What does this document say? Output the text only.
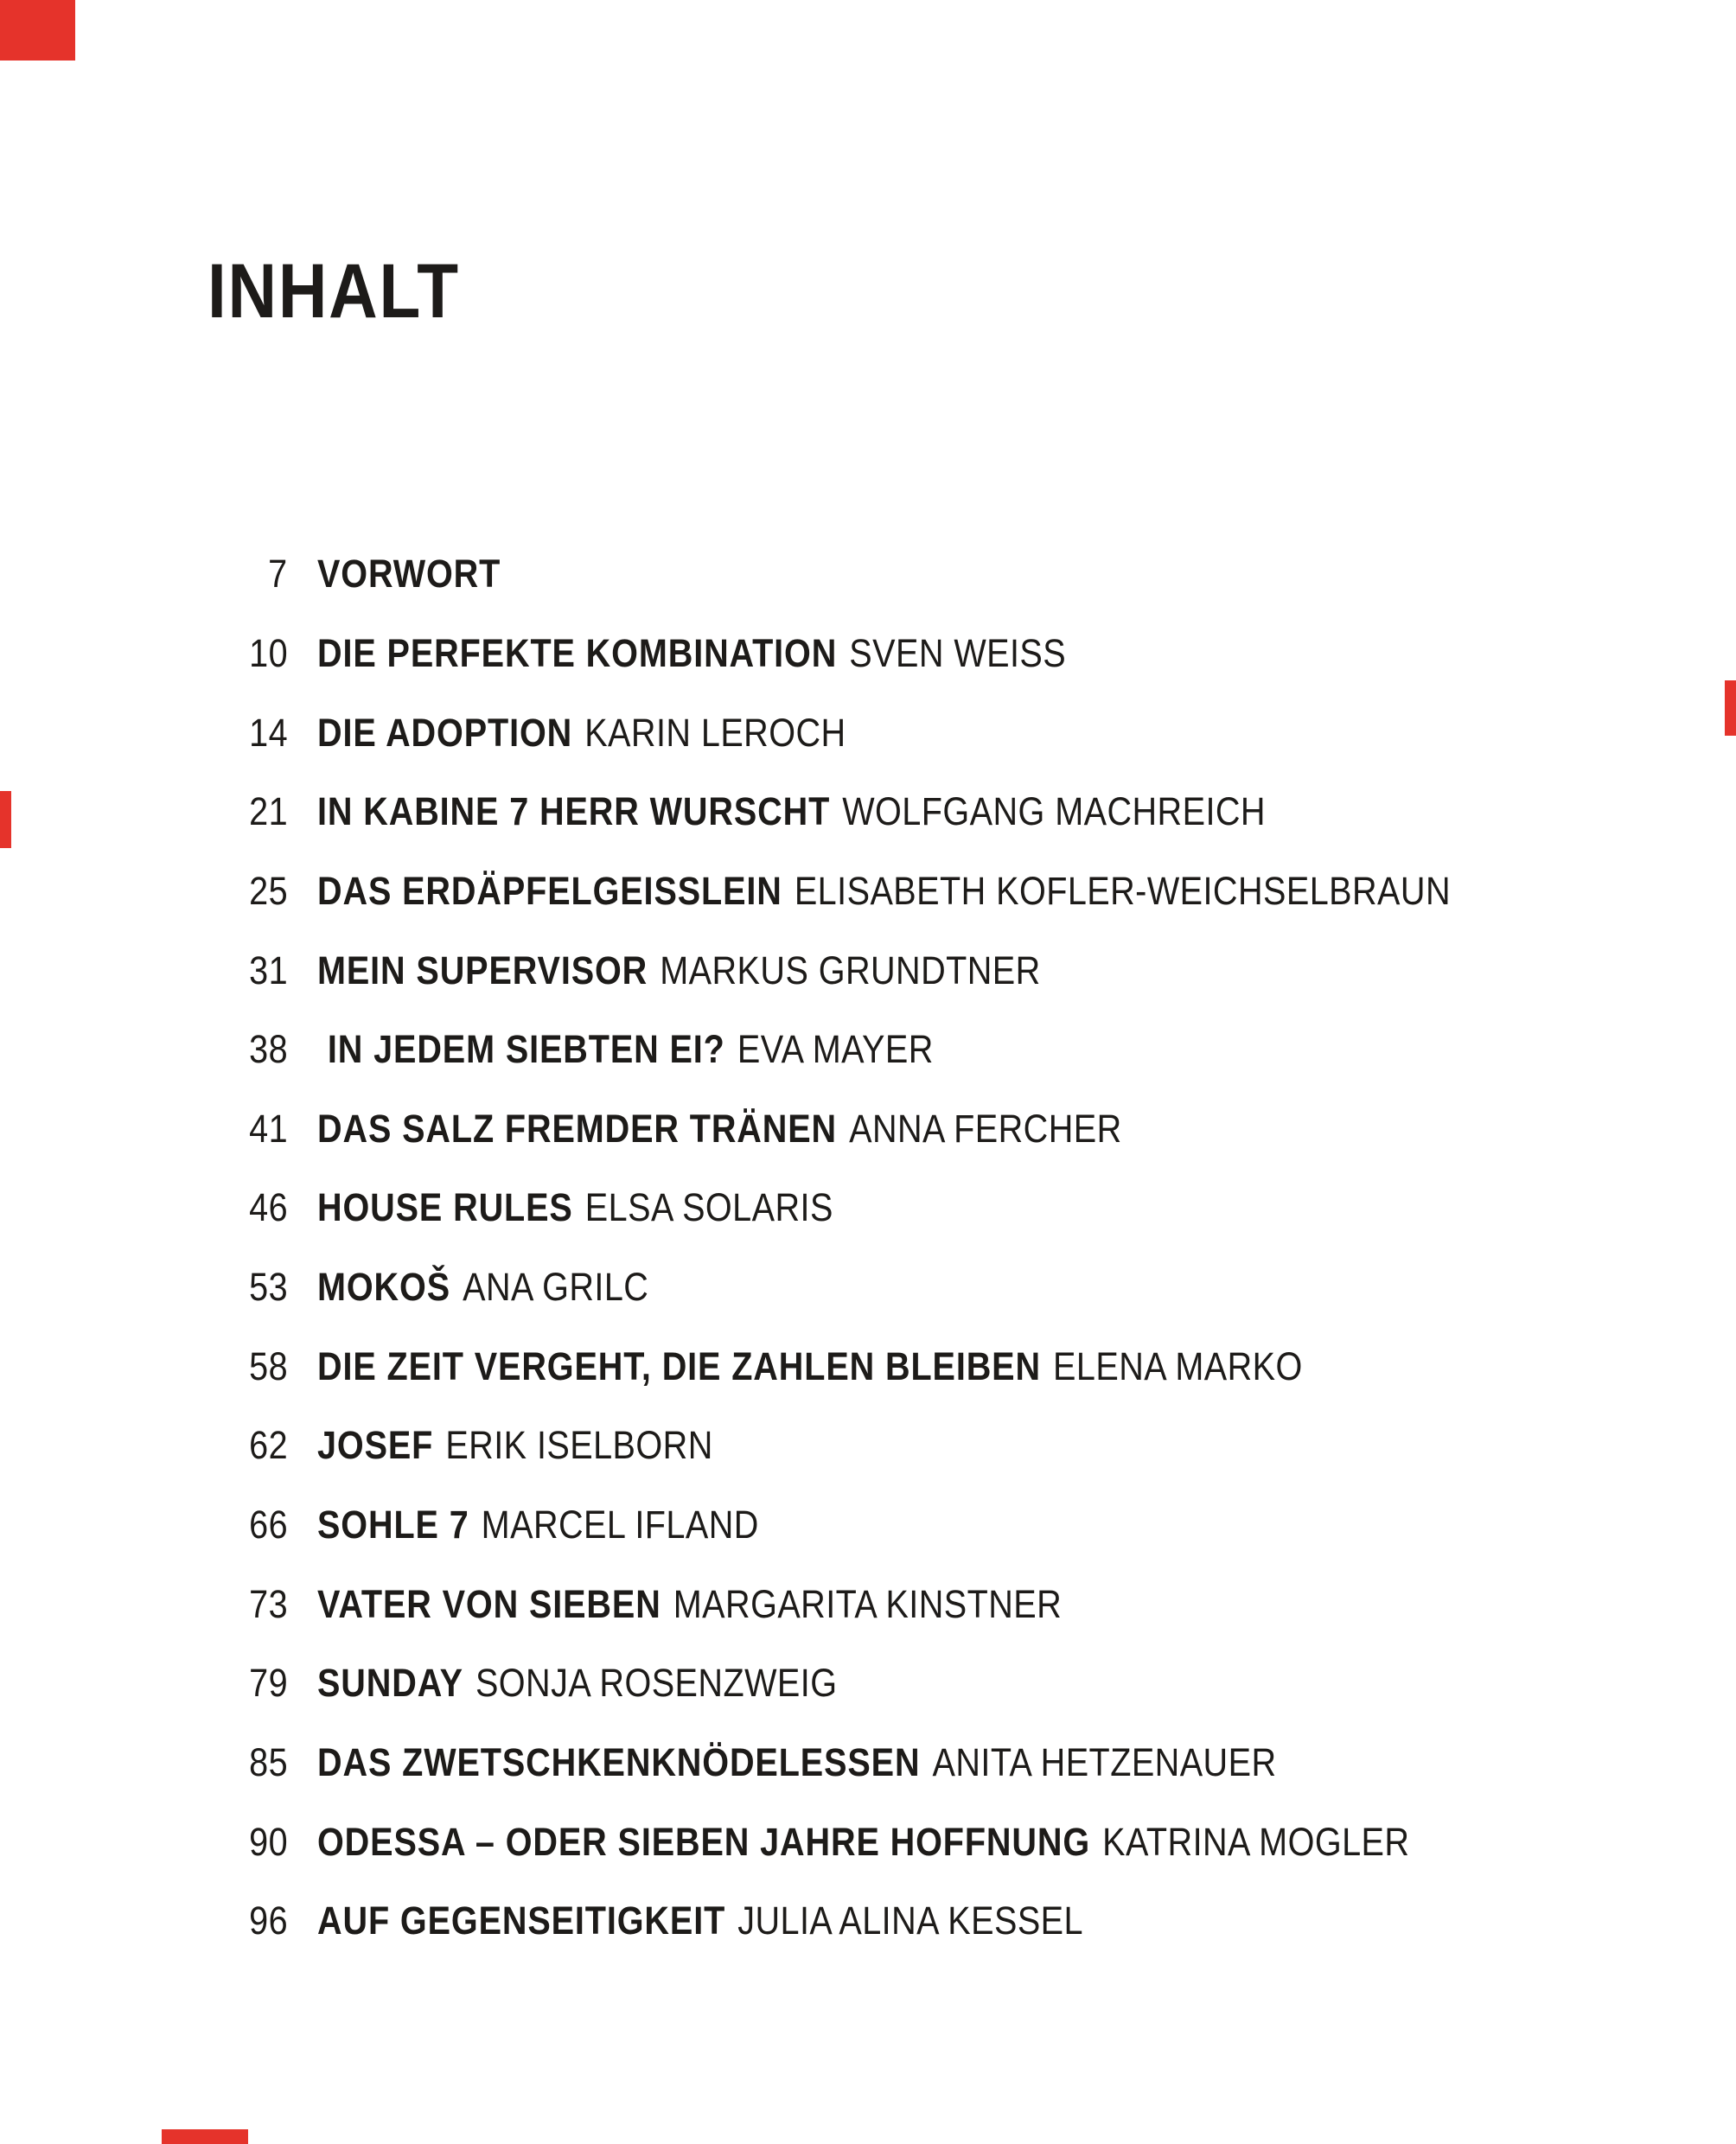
INHALT
7 VORWORT
10 DIE PERFEKTE KOMBINATION SVEN WEISS
14 DIE ADOPTION KARIN LEROCH
21 IN KABINE 7 HERR WURSCHT WOLFGANG MACHREICH
25 DAS ERDÄPFELGEISSLEIN ELISABETH KOFLER-WEICHSELBRAUN
31 MEIN SUPERVISOR MARKUS GRUNDTNER
38 IN JEDEM SIEBTEN EI? EVA MAYER
41 DAS SALZ FREMDER TRÄNEN ANNA FERCHER
46 HOUSE RULES ELSA SOLARIS
53 MOKOŠ ANA GRILC
58 DIE ZEIT VERGEHT, DIE ZAHLEN BLEIBEN ELENA MARKO
62 JOSEF ERIK ISELBORN
66 SOHLE 7 MARCEL IFLAND
73 VATER VON SIEBEN MARGARITA KINSTNER
79 SUNDAY SONJA ROSENZWEIG
85 DAS ZWETSCHKENKNÖDELESSEN ANITA HETZENAUER
90 ODESSA – ODER SIEBEN JAHRE HOFFNUNG KATRINA MOGLER
96 AUF GEGENSEITIGKEIT JULIA ALINA KESSEL
